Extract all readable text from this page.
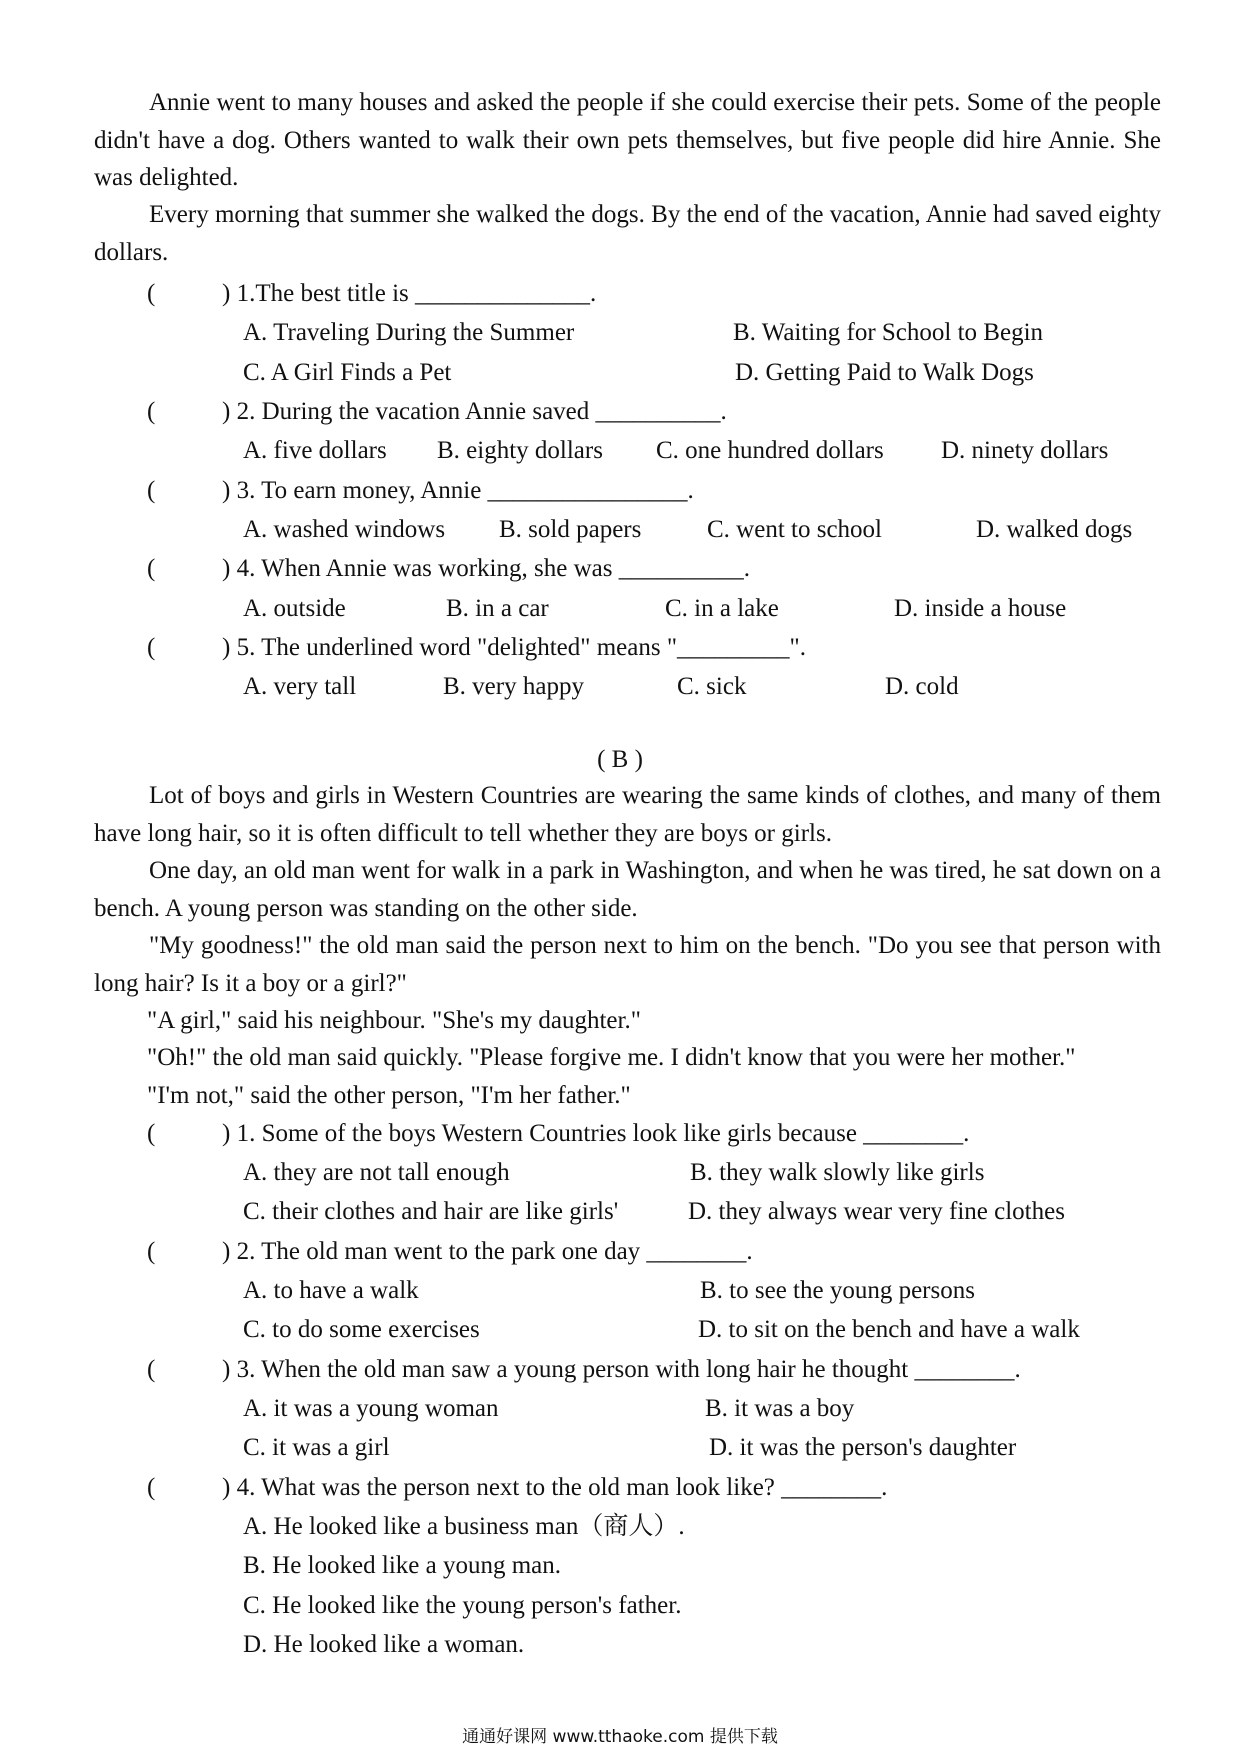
Annie went to many houses and asked the people if she could exercise their pets. Some of the people didn't have a dog. Others wanted to walk their own pets themselves, but five people did hire Annie. She was delighted.
Every morning that summer she walked the dogs. By the end of the vacation, Annie had saved eighty dollars.
(	) 1.The best title is ______________.
A. Traveling During the Summer	B. Waiting for School to Begin
C. A Girl Finds a Pet	D. Getting Paid to Walk Dogs
(	) 2. During the vacation Annie saved __________.
A. five dollars B. eighty dollars C. one hundred dollars D. ninety dollars
(	) 3. To earn money, Annie ________________.
A. washed windows B. sold papers	C. went to school	D. walked dogs
(	) 4. When Annie was working, she was __________.
A. outside	B. in a car	C. in a lake	D. inside a house
(	) 5. The underlined word "delighted" means "_________".
A. very tall	B. very happy	C. sick	D. cold
( B )
Lot of boys and girls in Western Countries are wearing the same kinds of clothes, and many of them have long hair, so it is often difficult to tell whether they are boys or girls.
One day, an old man went for walk in a park in Washington, and when he was tired, he sat down on a bench. A young person was standing on the other side.
"My goodness!" the old man said the person next to him on the bench. "Do you see that person with long hair? Is it a boy or a girl?"
"A girl," said his neighbour. "She's my daughter."
"Oh!" the old man said quickly. "Please forgive me. I didn't know that you were her mother."
"I'm not," said the other person, "I'm her father."
(	) 1. Some of the boys Western Countries look like girls because ________.
A. they are not tall enough	B. they walk slowly like girls
C. their clothes and hair are like girls'	D. they always wear very fine clothes
(	) 2. The old man went to the park one day ________.
A. to have a walk	B. to see the young persons
C. to do some exercises	D. to sit on the bench and have a walk
(	) 3. When the old man saw a young person with long hair he thought ________.
A. it was a young woman	B. it was a boy
C. it was a girl	D. it was the person's daughter
(	) 4. What was the person next to the old man look like? ________.
A. He looked like a business man（商人）.
B. He looked like a young man.
C. He looked like the young person's father.
D. He looked like a woman.
通通好课网 www.tthaoke.com 提供下载
